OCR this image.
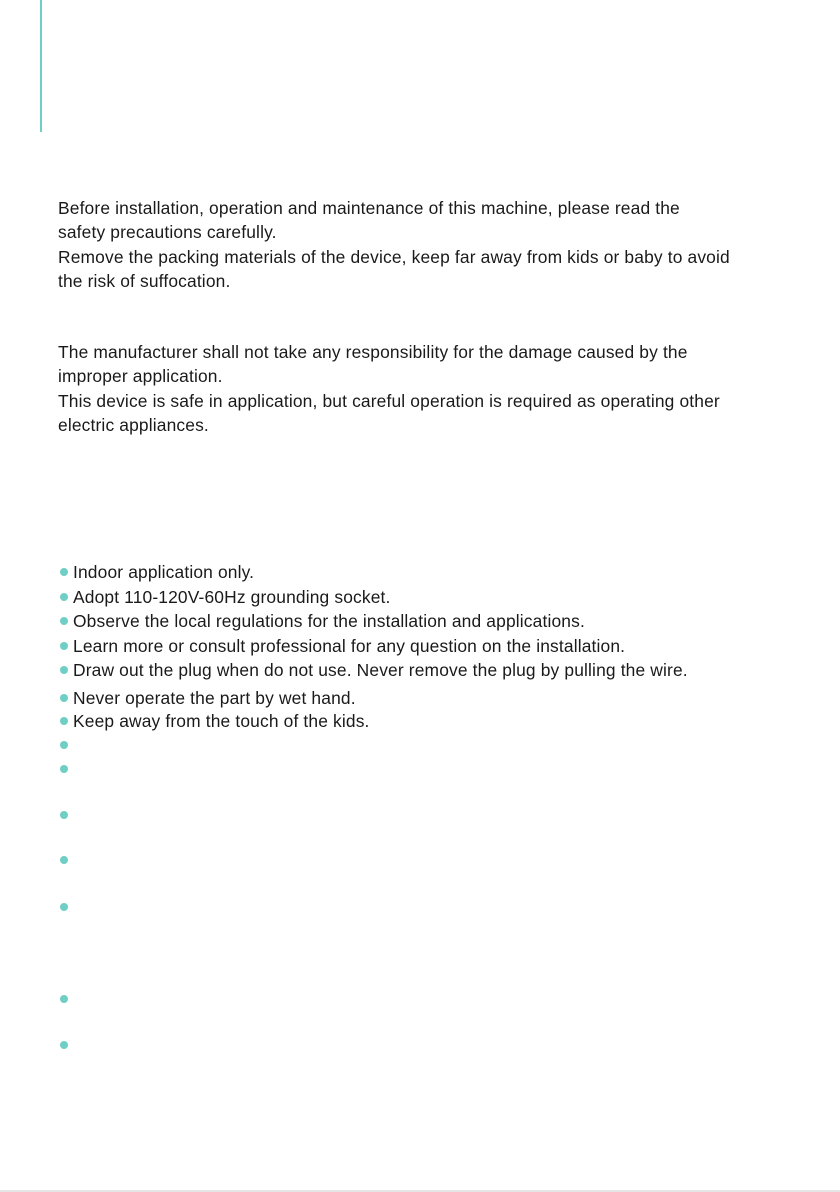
Before installation, operation and maintenance of this machine, please read the

safety precautions carefully.

Remove the packing materials of the device, keep far away from kids or baby to avoid

the risk of suffocation.

The manufacturer shall not take any responsibility for the damage caused by the

improper application.

This device is safe in application, but careful operation is required as operating other

electric appliances.

Indoor application only.
Adopt 110-120V-60Hz grounding socket.
Observe the local regulations for the installation and applications.
Learn more or consult professional for any question on the installation.
Draw out the plug when do not use. Never remove the plug by pulling the wire.
Never operate the part by wet hand.
Keep away from the touch of the kids.
